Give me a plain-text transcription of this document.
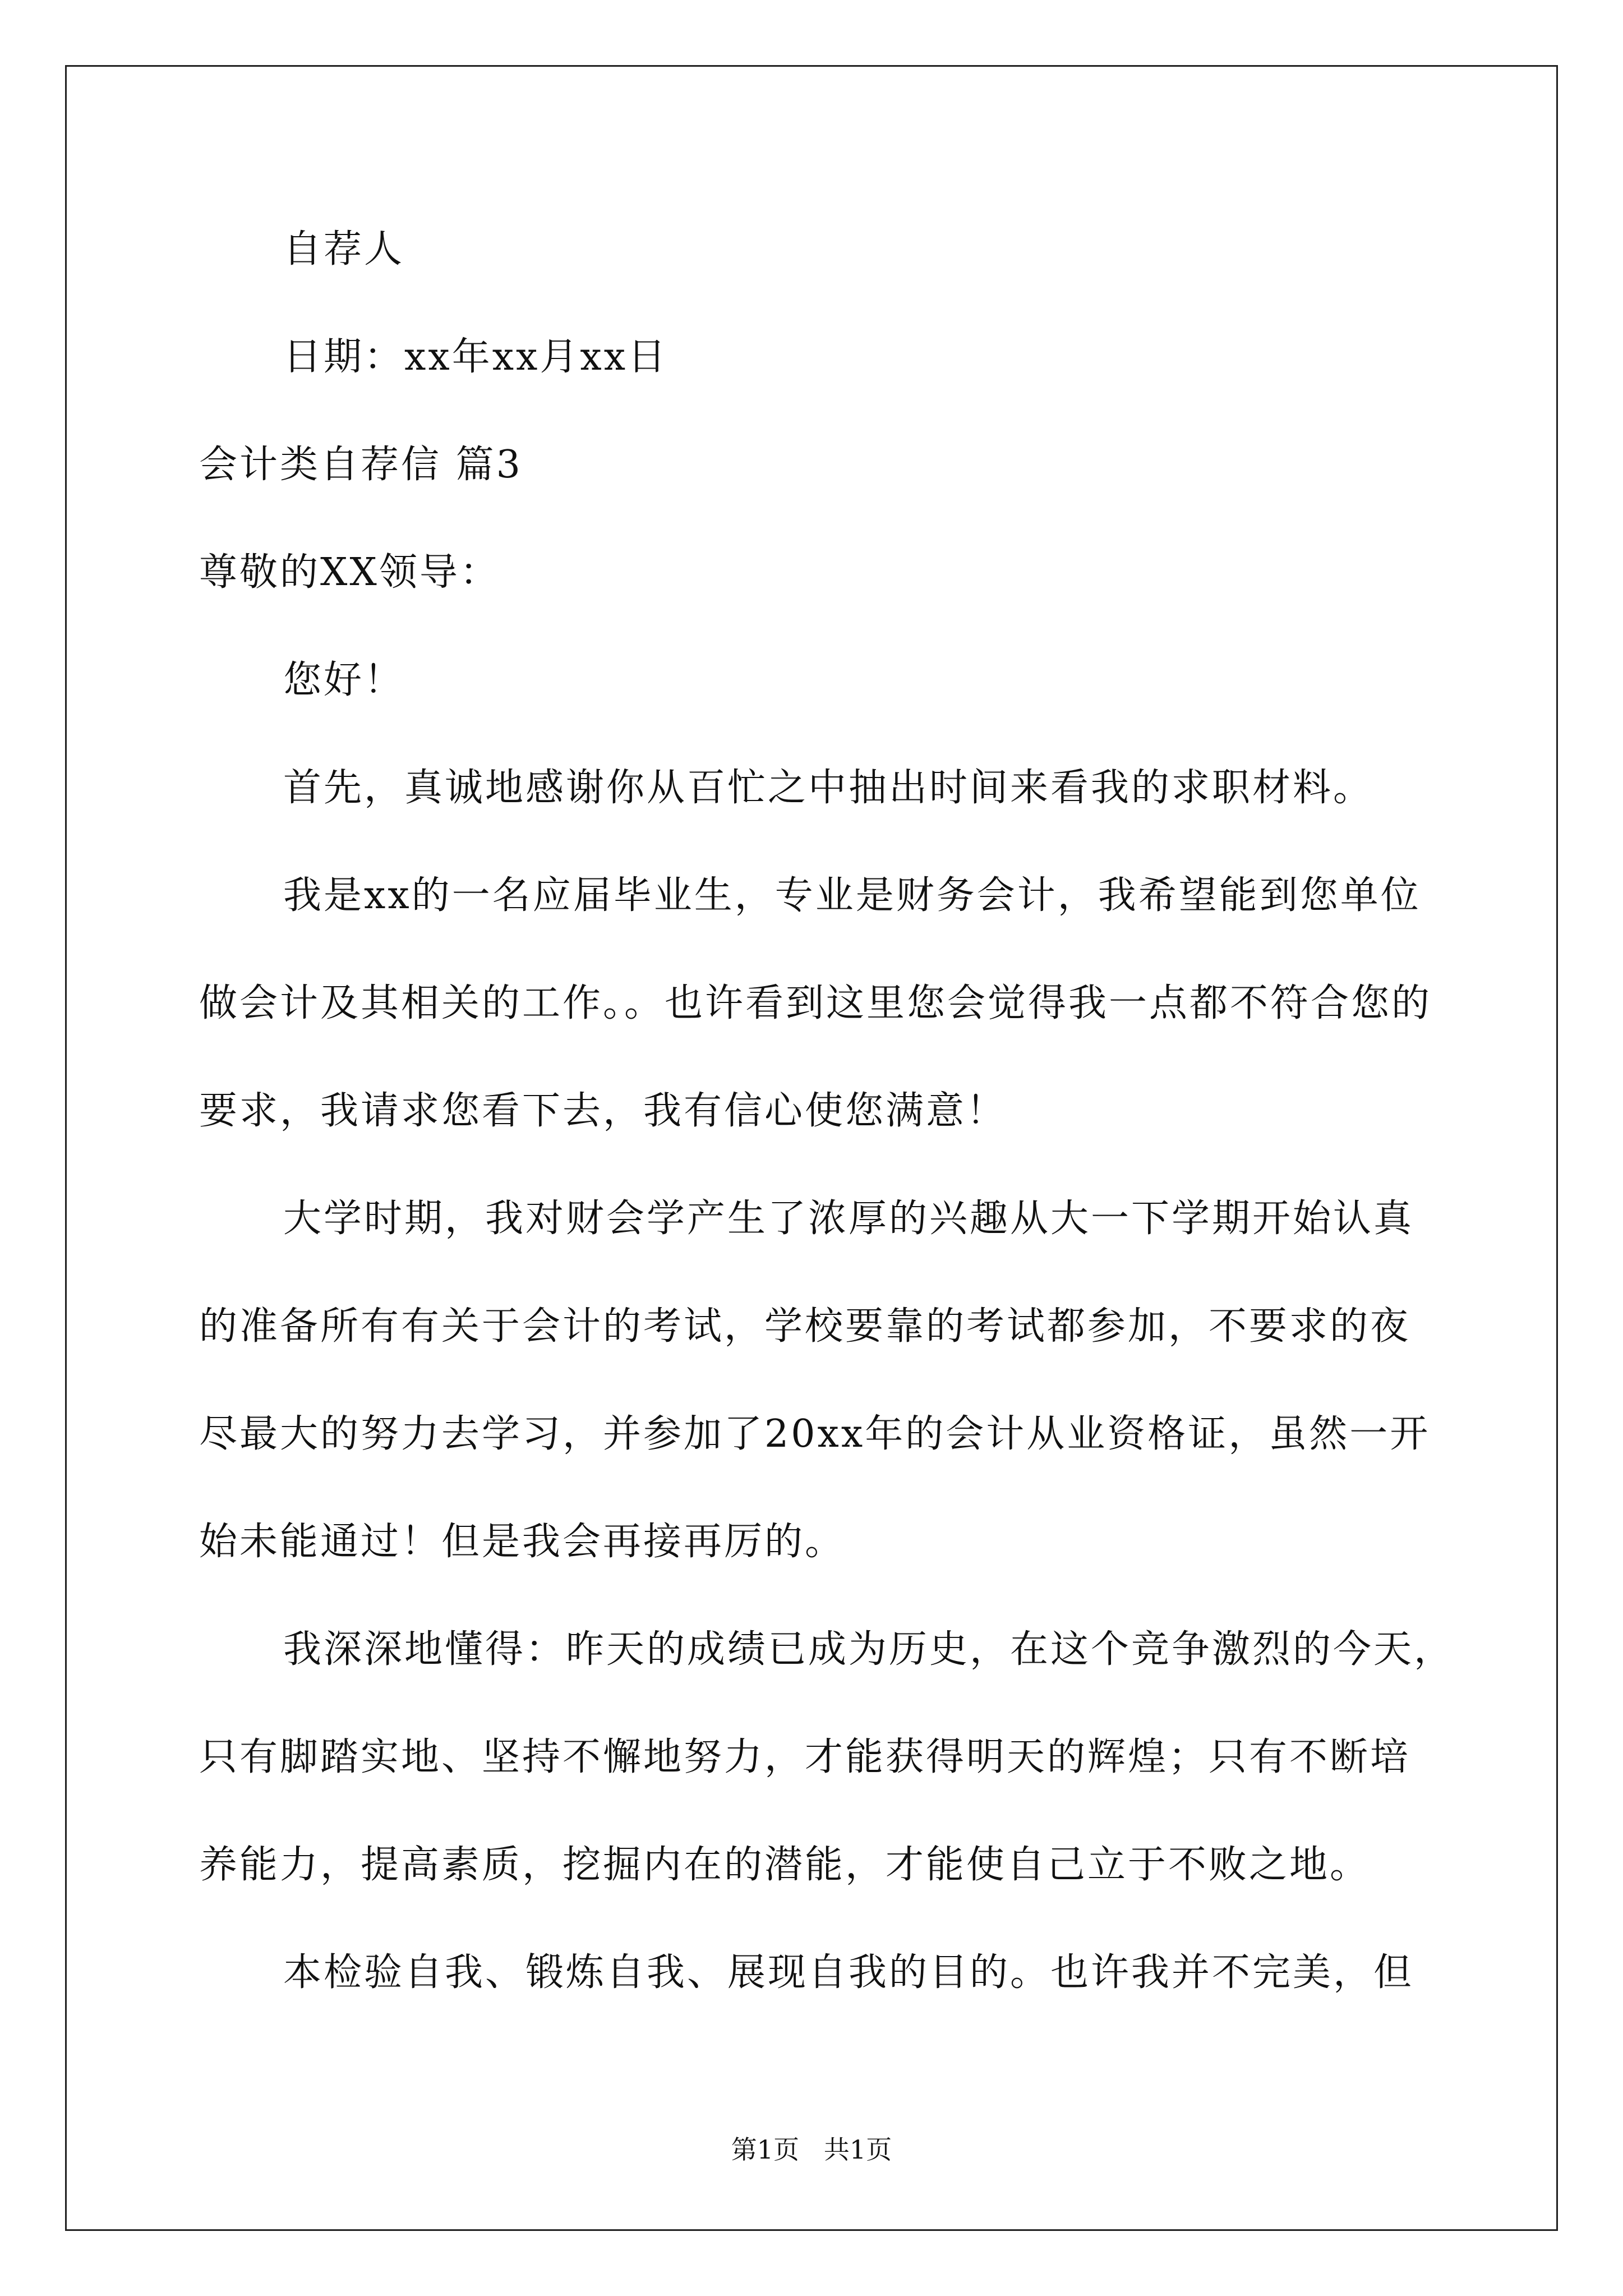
自荐人
日期：xx年xx月xx日
会计类自荐信 篇3
尊敬的XX领导：
您好！
首先，真诚地感谢你从百忙之中抽出时间来看我的求职材料。
我是xx的一名应届毕业生，专业是财务会计，我希望能到您单位
做会计及其相关的工作。。也许看到这里您会觉得我一点都不符合您的
要求，我请求您看下去，我有信心使您满意！
大学时期，我对财会学产生了浓厚的兴趣从大一下学期开始认真
的准备所有有关于会计的考试，学校要靠的考试都参加，不要求的夜
尽最大的努力去学习，并参加了20xx年的会计从业资格证，虽然一开
始未能通过！但是我会再接再厉的。
我深深地懂得：昨天的成绩已成为历史，在这个竞争激烈的今天，
只有脚踏实地、坚持不懈地努力，才能获得明天的辉煌；只有不断培
养能力，提高素质，挖掘内在的潜能，才能使自己立于不败之地。
本检验自我、锻炼自我、展现自我的目的。也许我并不完美，但
第1页   共1页
